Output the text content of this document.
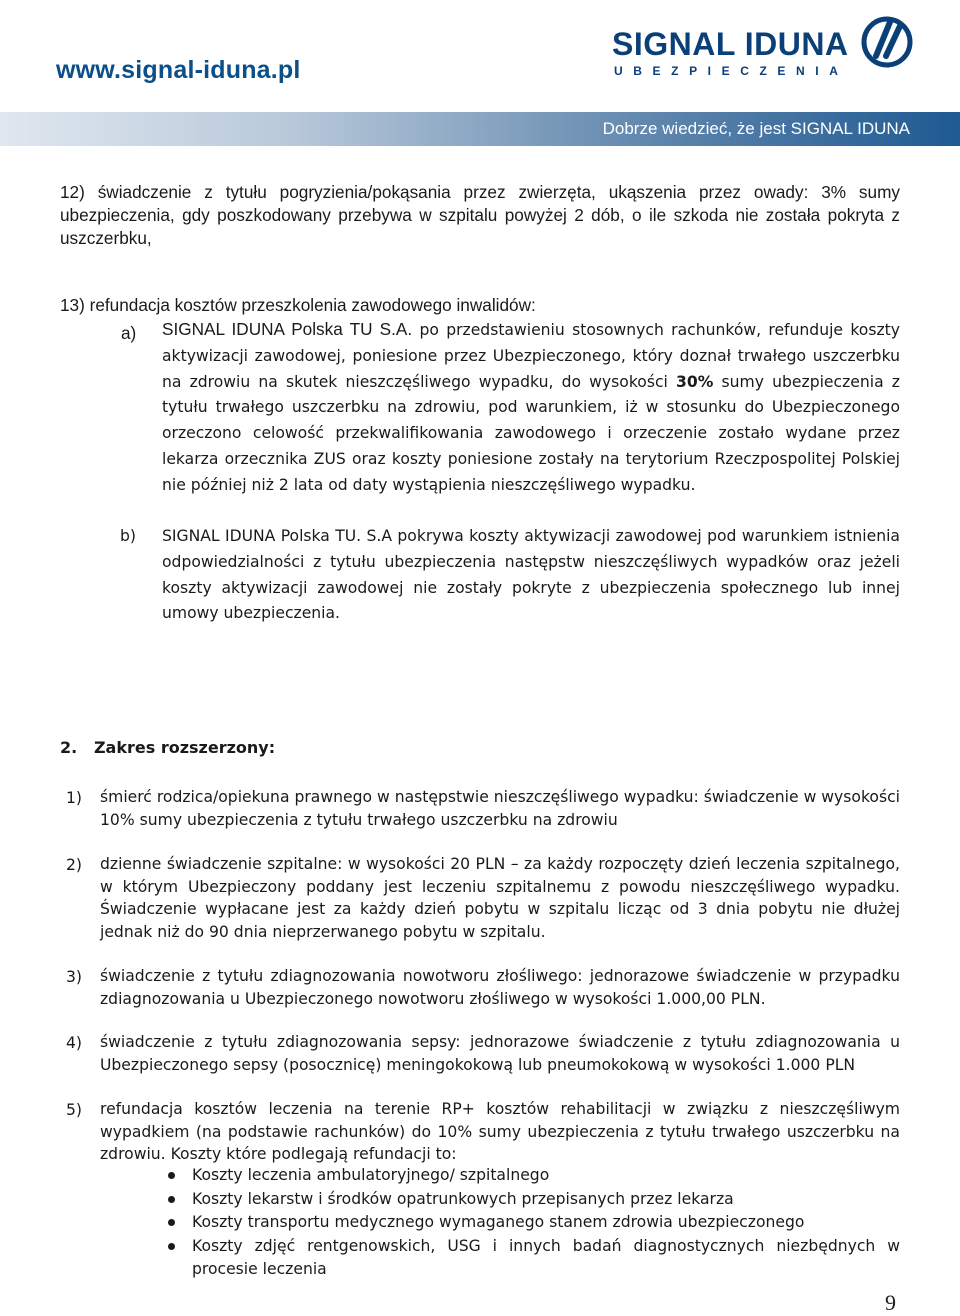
www.signal-iduna.pl
SIGNAL IDUNA
UBEZPIECZENIA
Dobrze wiedzieć, że jest SIGNAL IDUNA

12) świadczenie z tytułu pogryzienia/pokąsania przez zwierzęta, ukąszenia przez owady: 3% sumy ubezpieczenia, gdy poszkodowany przebywa w szpitalu powyżej 2 dób, o ile szkoda nie została pokryta z uszczerbku,

13) refundacja kosztów przeszkolenia zawodowego inwalidów:

a) SIGNAL IDUNA Polska TU S.A. po przedstawieniu stosownych rachunków, refunduje koszty aktywizacji zawodowej, poniesione przez Ubezpieczonego, który doznał trwałego uszczerbku na zdrowiu na skutek nieszczęśliwego wypadku, do wysokości 30% sumy ubezpieczenia z tytułu trwałego uszczerbku na zdrowiu, pod warunkiem, iż w stosunku do Ubezpieczonego orzeczono celowość przekwalifikowania zawodowego i orzeczenie zostało wydane przez lekarza orzecznika ZUS oraz koszty poniesione zostały na terytorium Rzeczpospolitej Polskiej nie później niż 2 lata od daty wystąpienia nieszczęśliwego wypadku.

b) SIGNAL IDUNA Polska TU. S.A pokrywa koszty aktywizacji zawodowej pod warunkiem istnienia odpowiedzialności z tytułu ubezpieczenia następstw nieszczęśliwych wypadków oraz jeżeli koszty aktywizacji zawodowej nie zostały pokryte z ubezpieczenia społecznego lub innej umowy ubezpieczenia.

2. Zakres rozszerzony:

1) śmierć rodzica/opiekuna prawnego w następstwie nieszczęśliwego wypadku: świadczenie w wysokości 10% sumy ubezpieczenia z tytułu trwałego uszczerbku na zdrowiu

2) dzienne świadczenie szpitalne: w wysokości 20 PLN – za każdy rozpoczęty dzień leczenia szpitalnego, w którym Ubezpieczony poddany jest leczeniu szpitalnemu z powodu nieszczęśliwego wypadku. Świadczenie wypłacane jest za każdy dzień pobytu w szpitalu licząc od 3 dnia pobytu nie dłużej jednak niż do 90 dnia nieprzerwanego pobytu w szpitalu.

3) świadczenie z tytułu zdiagnozowania nowotworu złośliwego: jednorazowe świadczenie w przypadku zdiagnozowania u Ubezpieczonego nowotworu złośliwego w wysokości 1.000,00 PLN.

4) świadczenie z tytułu zdiagnozowania sepsy: jednorazowe świadczenie z tytułu zdiagnozowania u Ubezpieczonego sepsy (posocznicę) meningokokową lub pneumokokową w wysokości 1.000 PLN

5) refundacja kosztów leczenia na terenie RP+ kosztów rehabilitacji w związku z nieszczęśliwym wypadkiem (na podstawie rachunków) do 10% sumy ubezpieczenia z tytułu trwałego uszczerbku na zdrowiu. Koszty które podlegają refundacji to:

Koszty leczenia ambulatoryjnego/ szpitalnego
Koszty lekarstw i środków opatrunkowych przepisanych przez lekarza
Koszty transportu medycznego wymaganego stanem zdrowia ubezpieczonego
Koszty zdjęć rentgenowskich, USG i innych badań diagnostycznych niezbędnych w procesie leczenia
9
